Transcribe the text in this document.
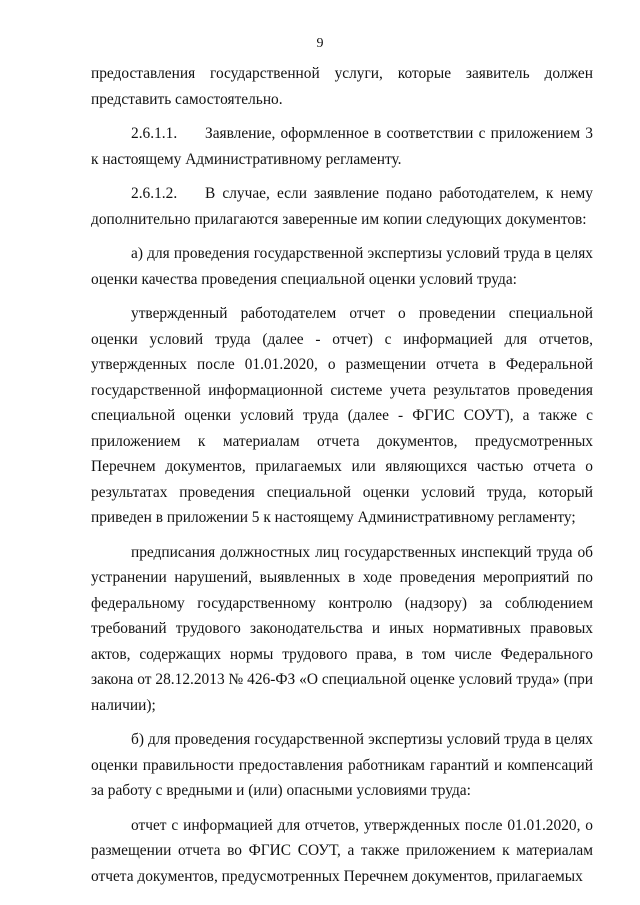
9

предоставления государственной услуги, которые заявитель должен представить самостоятельно.

2.6.1.1. Заявление, оформленное в соответствии с приложением 3 к настоящему Административному регламенту.

2.6.1.2. В случае, если заявление подано работодателем, к нему дополнительно прилагаются заверенные им копии следующих документов:

а) для проведения государственной экспертизы условий труда в целях оценки качества проведения специальной оценки условий труда:

утвержденный работодателем отчет о проведении специальной оценки условий труда (далее - отчет) с информацией для отчетов, утвержденных после 01.01.2020, о размещении отчета в Федеральной государственной информационной системе учета результатов проведения специальной оценки условий труда (далее - ФГИС СОУТ), а также с приложением к материалам отчета документов, предусмотренных Перечнем документов, прилагаемых или являющихся частью отчета о результатах проведения специальной оценки условий труда, который приведен в приложении 5 к настоящему Административному регламенту;

предписания должностных лиц государственных инспекций труда об устранении нарушений, выявленных в ходе проведения мероприятий по федеральному государственному контролю (надзору) за соблюдением требований трудового законодательства и иных нормативных правовых актов, содержащих нормы трудового права, в том числе Федерального закона от 28.12.2013 № 426-ФЗ «О специальной оценке условий труда» (при наличии);

б) для проведения государственной экспертизы условий труда в целях оценки правильности предоставления работникам гарантий и компенсаций за работу с вредными и (или) опасными условиями труда:

отчет с информацией для отчетов, утвержденных после 01.01.2020, о размещении отчета во ФГИС СОУТ, а также приложением к материалам отчета документов, предусмотренных Перечнем документов, прилагаемых
